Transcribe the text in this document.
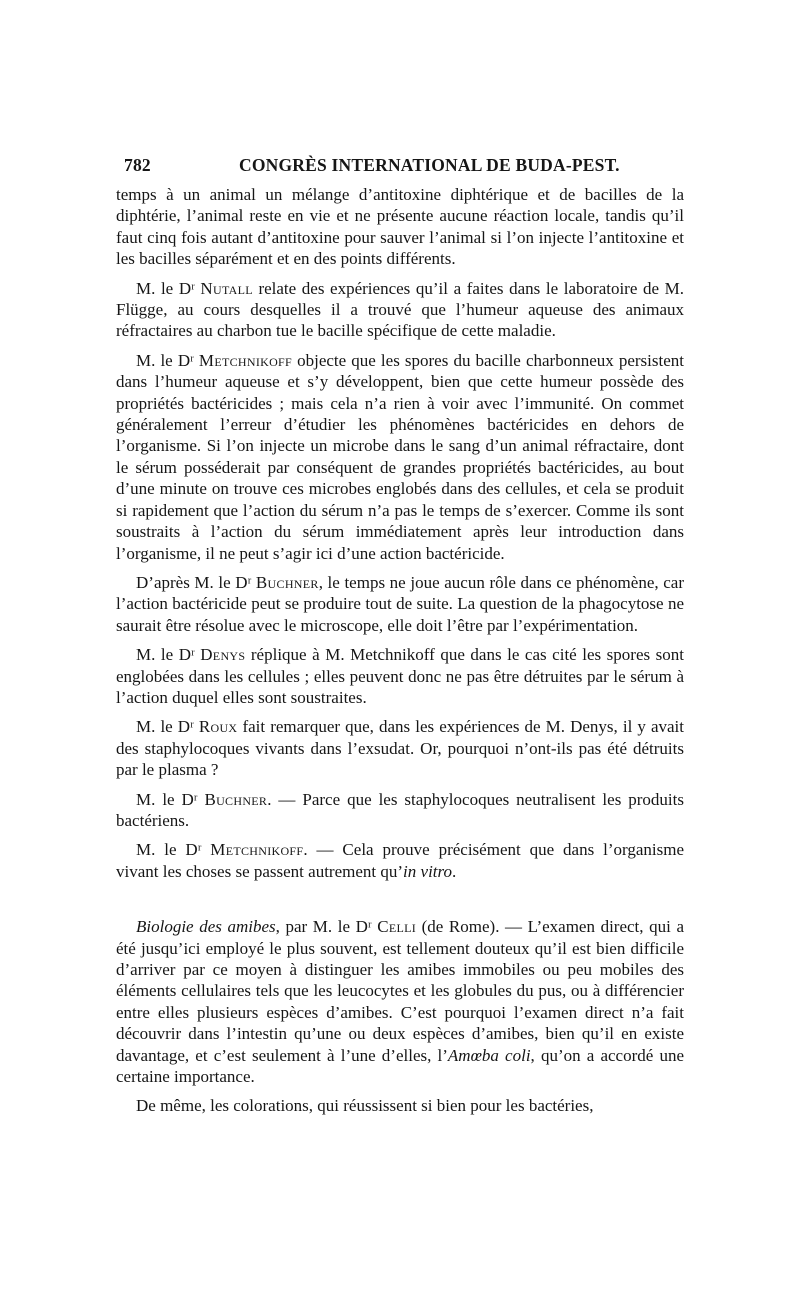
782	CONGRÈS INTERNATIONAL DE BUDA-PEST.

temps à un animal un mélange d’antitoxine diphtérique et de bacilles de la diphtérie, l’animal reste en vie et ne présente aucune réaction locale, tandis qu’il faut cinq fois autant d’antitoxine pour sauver l’animal si l’on injecte l’antitoxine et les bacilles séparément et en des points différents.

M. le Dʳ Nutall relate des expériences qu’il a faites dans le laboratoire de M. Flügge, au cours desquelles il a trouvé que l’humeur aqueuse des animaux réfractaires au charbon tue le bacille spécifique de cette maladie.

M. le Dʳ Metchnikoff objecte que les spores du bacille charbonneux persistent dans l’humeur aqueuse et s’y développent, bien que cette humeur possède des propriétés bactéricides ; mais cela n’a rien à voir avec l’immunité. On commet généralement l’erreur d’étudier les phénomènes bactéricides en dehors de l’organisme. Si l’on injecte un microbe dans le sang d’un animal réfractaire, dont le sérum posséderait par conséquent de grandes propriétés bactéricides, au bout d’une minute on trouve ces microbes englobés dans des cellules, et cela se produit si rapidement que l’action du sérum n’a pas le temps de s’exercer. Comme ils sont soustraits à l’action du sérum immédiatement après leur introduction dans l’organisme, il ne peut s’agir ici d’une action bactéricide.

D’après M. le Dʳ Buchner, le temps ne joue aucun rôle dans ce phénomène, car l’action bactéricide peut se produire tout de suite. La question de la phagocytose ne saurait être résolue avec le microscope, elle doit l’être par l’expérimentation.

M. le Dʳ Denys réplique à M. Metchnikoff que dans le cas cité les spores sont englobées dans les cellules ; elles peuvent donc ne pas être détruites par le sérum à l’action duquel elles sont soustraites.

M. le Dʳ Roux fait remarquer que, dans les expériences de M. Denys, il y avait des staphylocoques vivants dans l’exsudat. Or, pourquoi n’ont-ils pas été détruits par le plasma ?

M. le Dʳ Buchner. — Parce que les staphylocoques neutralisent les produits bactériens.

M. le Dʳ Metchnikoff. — Cela prouve précisément que dans l’organisme vivant les choses se passent autrement qu’in vitro.

Biologie des amibes, par M. le Dʳ Celli (de Rome). — L’examen direct, qui a été jusqu’ici employé le plus souvent, est tellement douteux qu’il est bien difficile d’arriver par ce moyen à distinguer les amibes immobiles ou peu mobiles des éléments cellulaires tels que les leucocytes et les globules du pus, ou à différencier entre elles plusieurs espèces d’amibes. C’est pourquoi l’examen direct n’a fait découvrir dans l’intestin qu’une ou deux espèces d’amibes, bien qu’il en existe davantage, et c’est seulement à l’une d’elles, l’Amœba coli, qu’on a accordé une certaine importance.

De même, les colorations, qui réussissent si bien pour les bactéries,
